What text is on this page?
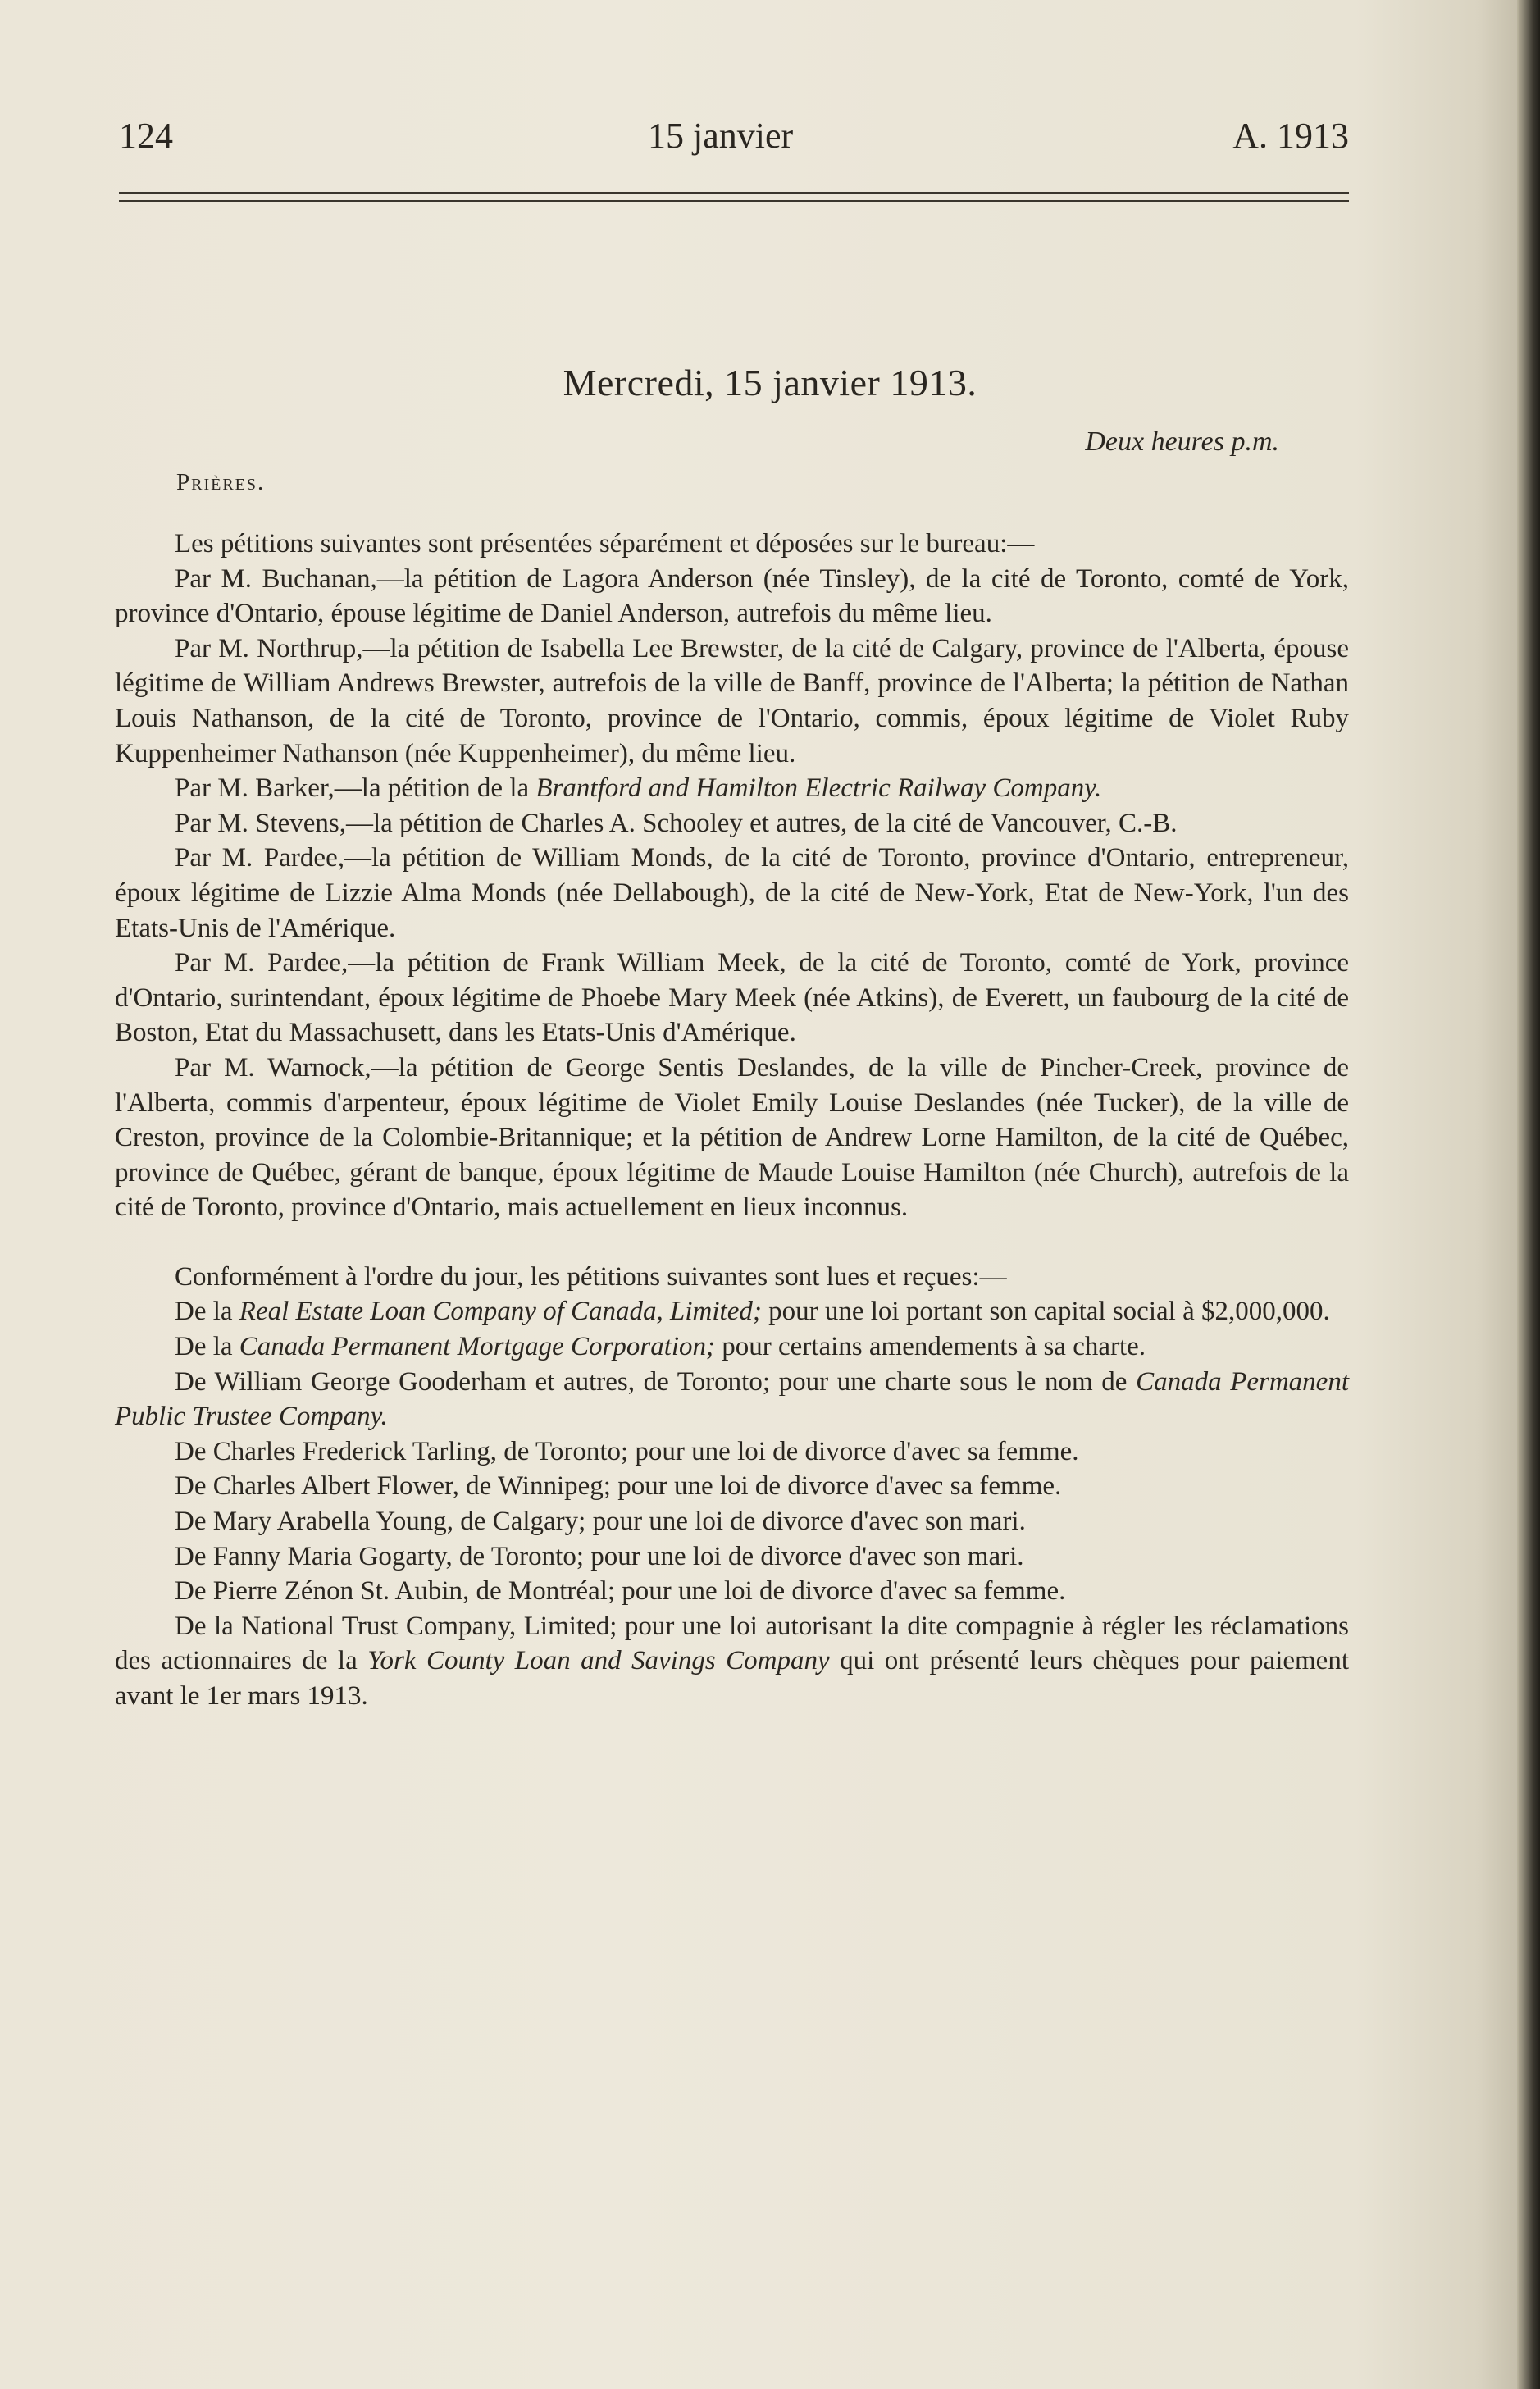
124	15 janvier	A. 1913
Mercredi, 15 janvier 1913.
Deux heures p.m.
Prières.

Les pétitions suivantes sont présentées séparément et déposées sur le bureau:—

Par M. Buchanan,—la pétition de Lagora Anderson (née Tinsley), de la cité de Toronto, comté de York, province d'Ontario, épouse légitime de Daniel Anderson, autrefois du même lieu.

Par M. Northrup,—la pétition de Isabella Lee Brewster, de la cité de Calgary, province de l'Alberta, épouse légitime de William Andrews Brewster, autrefois de la ville de Banff, province de l'Alberta; la pétition de Nathan Louis Nathanson, de la cité de Toronto, province de l'Ontario, commis, époux légitime de Violet Ruby Kuppenheimer Nathanson (née Kuppenheimer), du même lieu.

Par M. Barker,—la pétition de la Brantford and Hamilton Electric Railway Company.

Par M. Stevens,—la pétition de Charles A. Schooley et autres, de la cité de Vancouver, C.-B.

Par M. Pardee,—la pétition de William Monds, de la cité de Toronto, province d'Ontario, entrepreneur, époux légitime de Lizzie Alma Monds (née Dellabough), de la cité de New-York, Etat de New-York, l'un des Etats-Unis de l'Amérique.

Par M. Pardee,—la pétition de Frank William Meek, de la cité de Toronto, comté de York, province d'Ontario, surintendant, époux légitime de Phoebe Mary Meek (née Atkins), de Everett, un faubourg de la cité de Boston, Etat du Massachusett, dans les Etats-Unis d'Amérique.

Par M. Warnock,—la pétition de George Sentis Deslandes, de la ville de Pincher-Creek, province de l'Alberta, commis d'arpenteur, époux légitime de Violet Emily Louise Deslandes (née Tucker), de la ville de Creston, province de la Colombie-Britannique; et la pétition de Andrew Lorne Hamilton, de la cité de Québec, province de Québec, gérant de banque, époux légitime de Maude Louise Hamilton (née Church), autrefois de la cité de Toronto, province d'Ontario, mais actuellement en lieux inconnus.

Conformément à l'ordre du jour, les pétitions suivantes sont lues et reçues:—

De la Real Estate Loan Company of Canada, Limited; pour une loi portant son capital social à $2,000,000.

De la Canada Permanent Mortgage Corporation; pour certains amendements à sa charte.

De William George Gooderham et autres, de Toronto; pour une charte sous le nom de Canada Permanent Public Trustee Company.

De Charles Frederick Tarling, de Toronto; pour une loi de divorce d'avec sa femme.

De Charles Albert Flower, de Winnipeg; pour une loi de divorce d'avec sa femme.

De Mary Arabella Young, de Calgary; pour une loi de divorce d'avec son mari.

De Fanny Maria Gogarty, de Toronto; pour une loi de divorce d'avec son mari.

De Pierre Zénon St. Aubin, de Montréal; pour une loi de divorce d'avec sa femme.

De la National Trust Company, Limited; pour une loi autorisant la dite compagnie à régler les réclamations des actionnaires de la York County Loan and Savings Company qui ont présenté leurs chèques pour paiement avant le 1er mars 1913.
